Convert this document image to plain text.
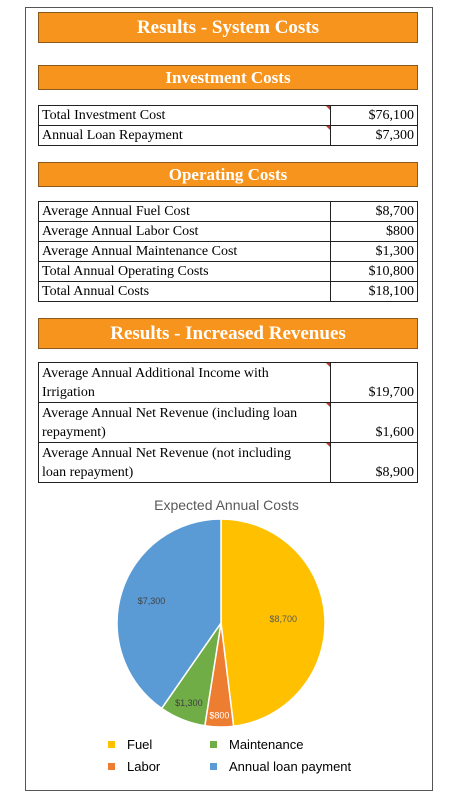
Results - System Costs
Investment Costs
Total Investment Cost	$76,100
Annual Loan Repayment	$7,300
Operating Costs
Average Annual Fuel Cost	$8,700
Average Annual Labor Cost	$800
Average Annual Maintenance Cost	$1,300
Total Annual Operating Costs	$10,800
Total Annual Costs	$18,100
Results - Increased Revenues
Average Annual Additional Income with
Irrigation	$19,700
Average Annual Net Revenue (including loan
repayment)	$1,600
Average Annual Net Revenue (not including
loan repayment)	$8,900
Expected Annual Costs
$8,700
$800
$1,300
$7,300
Fuel	Maintenance
Labor	Annual loan payment
